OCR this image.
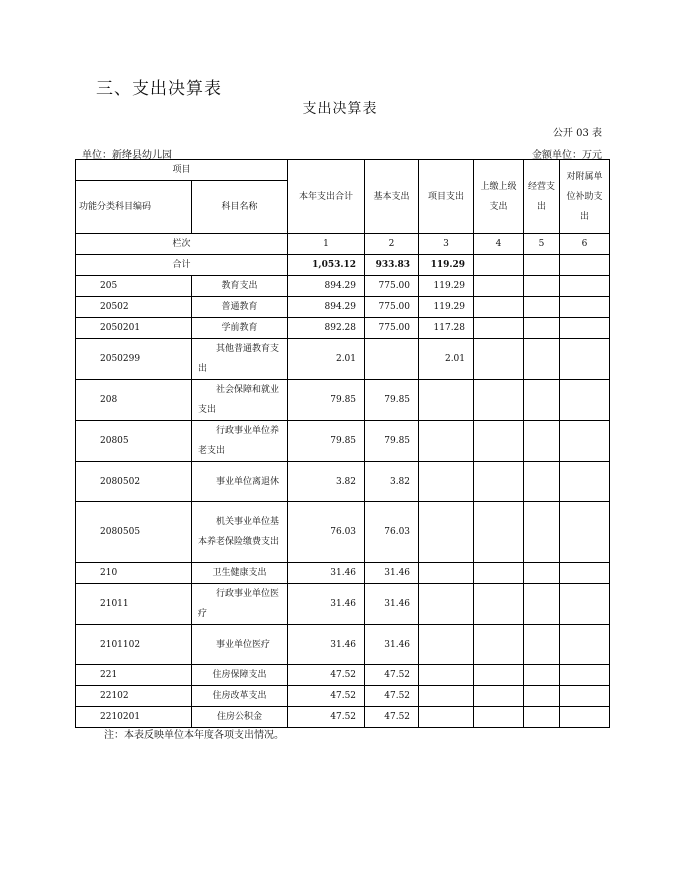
三、支出决算表
支出决算表
公开 03 表
单位：新绛县幼儿园	金额单位：万元
项目		本年支出合计	基本支出	项目支出	上缴上级支出	经营支出	对附属单位补助支出
功能分类科目编码	科目名称						
栏次		1	2	3	4	5	6
合计		1,053.12	933.83	119.29			
205	教育支出	894.29	775.00	119.29			
20502	普通教育	894.29	775.00	119.29			
2050201	学前教育	892.28	775.00	117.28			
2050299	其他普通教育支出	2.01		2.01			
208	社会保障和就业支出	79.85	79.85				
20805	行政事业单位养老支出	79.85	79.85				
2080502	事业单位离退休	3.82	3.82				
2080505	机关事业单位基本养老保险缴费支出	76.03	76.03				
210	卫生健康支出	31.46	31.46				
21011	行政事业单位医疗	31.46	31.46				
2101102	事业单位医疗	31.46	31.46				
221	住房保障支出	47.52	47.52				
22102	住房改革支出	47.52	47.52				
2210201	住房公积金	47.52	47.52				
注：本表反映单位本年度各项支出情况。
